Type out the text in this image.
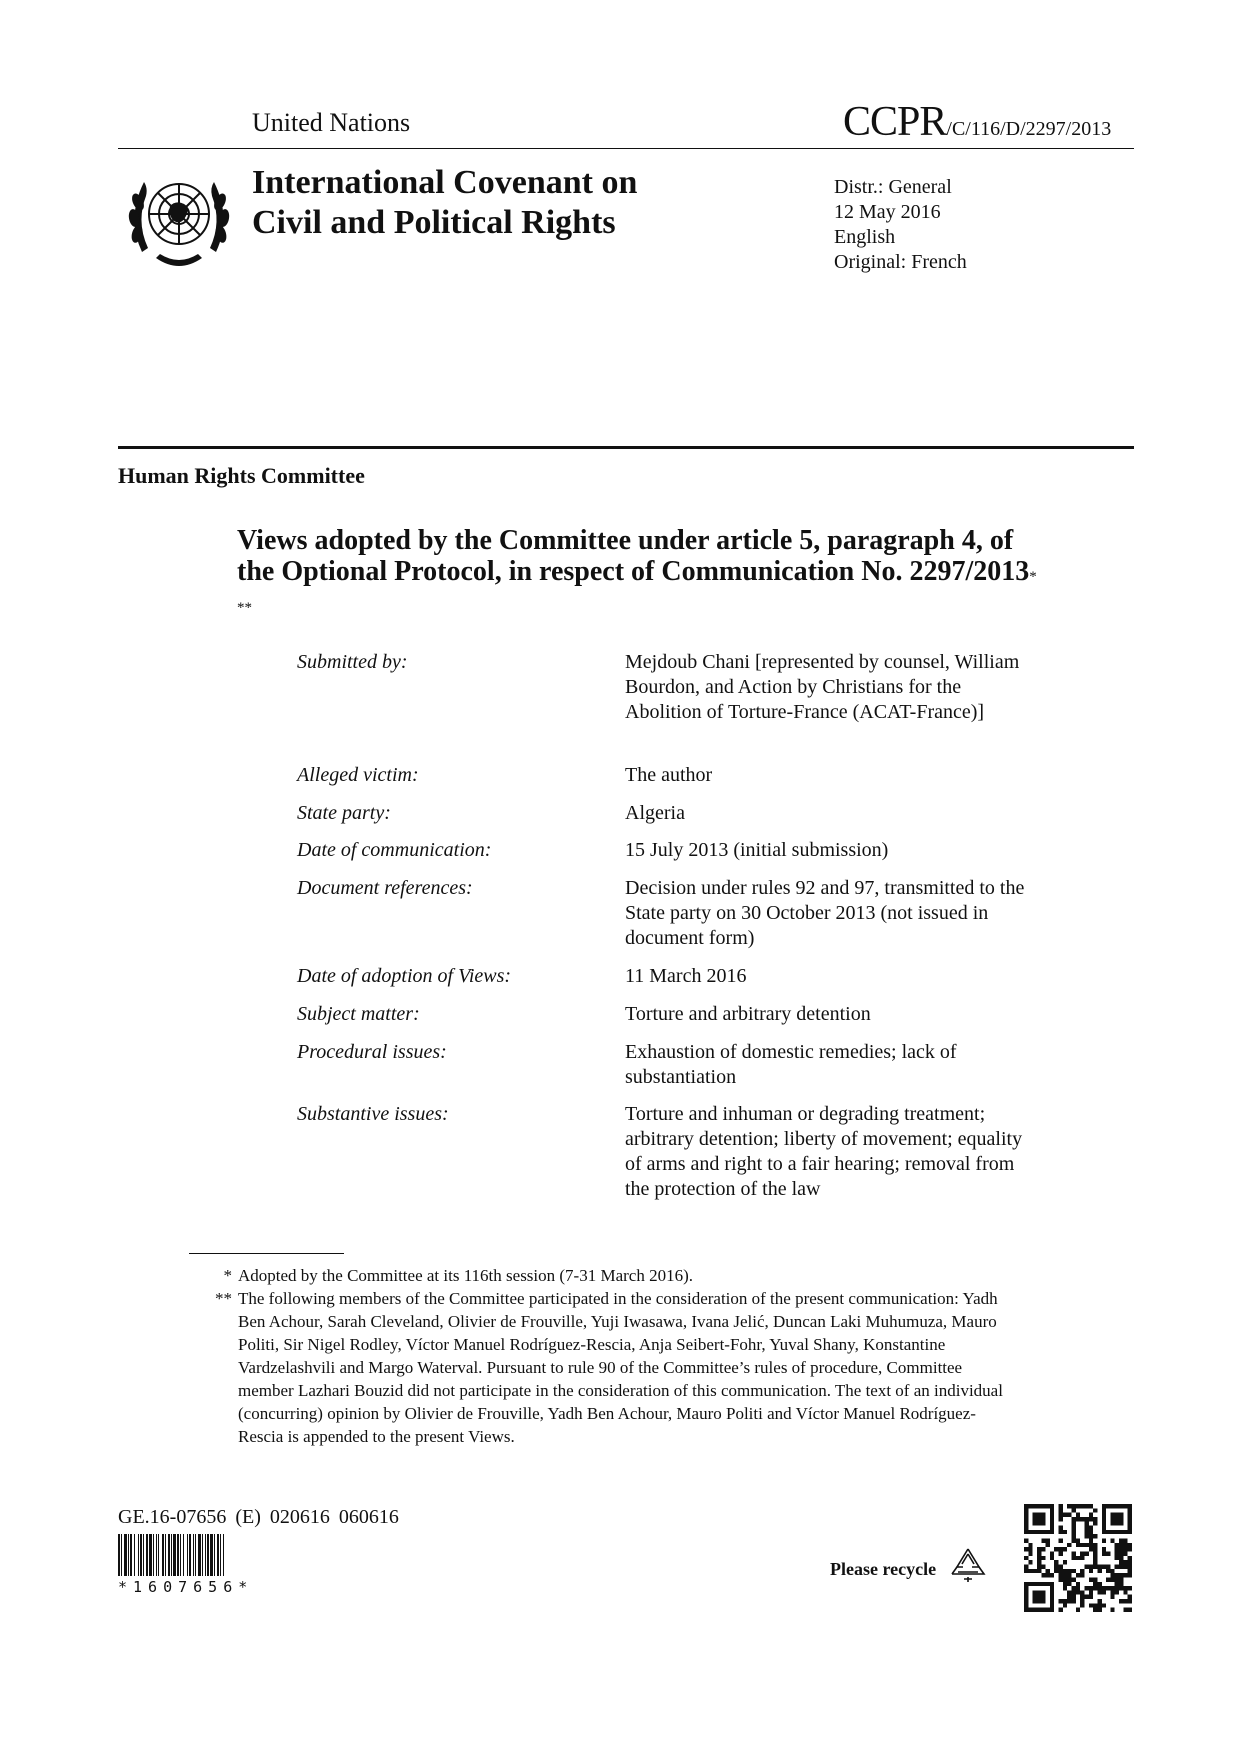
United Nations	CCPR/C/116/D/2297/2013
International Covenant on
Civil and Political Rights
Distr.: General
12 May 2016
English
Original: French
Human Rights Committee
Views adopted by the Committee under article 5, paragraph 4, of the Optional Protocol, in respect of Communication No. 2297/2013* **
Submitted by:	Mejdoub Chani [represented by counsel, William Bourdon, and Action by Christians for the Abolition of Torture-France (ACAT-France)]
Alleged victim:	The author
State party:	Algeria
Date of communication:	15 July 2013 (initial submission)
Document references:	Decision under rules 92 and 97, transmitted to the State party on 30 October 2013 (not issued in document form)
Date of adoption of Views:	11 March 2016
Subject matter:	Torture and arbitrary detention
Procedural issues:	Exhaustion of domestic remedies; lack of substantiation
Substantive issues:	Torture and inhuman or degrading treatment; arbitrary detention; liberty of movement; equality of arms and right to a fair hearing; removal from the protection of the law
* Adopted by the Committee at its 116th session (7-31 March 2016).
** The following members of the Committee participated in the consideration of the present communication: Yadh Ben Achour, Sarah Cleveland, Olivier de Frouville, Yuji Iwasawa, Ivana Jelić, Duncan Laki Muhumuza, Mauro Politi, Sir Nigel Rodley, Víctor Manuel Rodríguez-Rescia, Anja Seibert-Fohr, Yuval Shany, Konstantine Vardzelashvili and Margo Waterval. Pursuant to rule 90 of the Committee’s rules of procedure, Committee member Lazhari Bouzid did not participate in the consideration of this communication. The text of an individual (concurring) opinion by Olivier de Frouville, Yadh Ben Achour, Mauro Politi and Víctor Manuel Rodríguez-Rescia is appended to the present Views.
GE.16-07656 (E) 020616 060616
*1607656*
Please recycle
